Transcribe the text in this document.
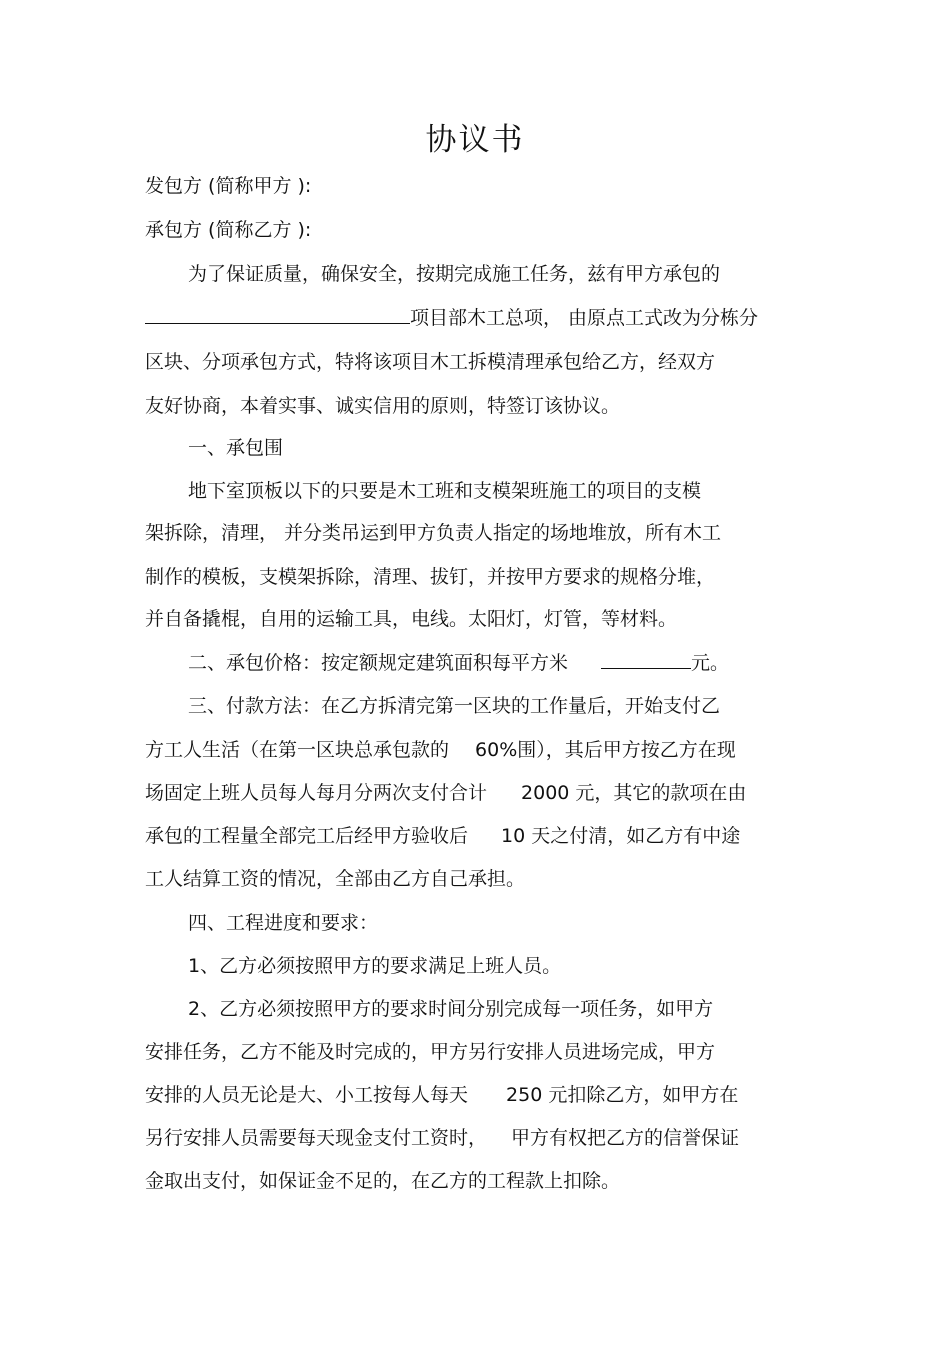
协议书
发包方 (简称甲方 ):
承包方 (简称乙方 ):
为了保证质量，确保安全，按期完成施工任务，兹有甲方承包的
项目部木工总项， 由原点工式改为分栋分
区块、分项承包方式，特将该项目木工拆模清理承包给乙方，经双方
友好协商，本着实事、诚实信用的原则，特签订该协议。
一、承包围
地下室顶板以下的只要是木工班和支模架班施工的项目的支模
架拆除，清理， 并分类吊运到甲方负责人指定的场地堆放，所有木工
制作的模板，支模架拆除，清理、拔钉，并按甲方要求的规格分堆，
并自备撬棍，自用的运输工具，电线。太阳灯，灯管，等材料。
二、承包价格：按定额规定建筑面积每平方米	元。
三、付款方法：在乙方拆清完第一区块的工作量后，开始支付乙
方工人生活（在第一区块总承包款的 60%围），其后甲方按乙方在现
场固定上班人员每人每月分两次支付合计 2000 元，其它的款项在由
承包的工程量全部完工后经甲方验收后 10 天之付清，如乙方有中途
工人结算工资的情况，全部由乙方自己承担。
四、工程进度和要求：
1、乙方必须按照甲方的要求满足上班人员。
2、乙方必须按照甲方的要求时间分别完成每一项任务，如甲方
安排任务，乙方不能及时完成的，甲方另行安排人员进场完成，甲方
安排的人员无论是大、小工按每人每天 250 元扣除乙方，如甲方在
另行安排人员需要每天现金支付工资时， 甲方有权把乙方的信誉保证
金取出支付，如保证金不足的，在乙方的工程款上扣除。
